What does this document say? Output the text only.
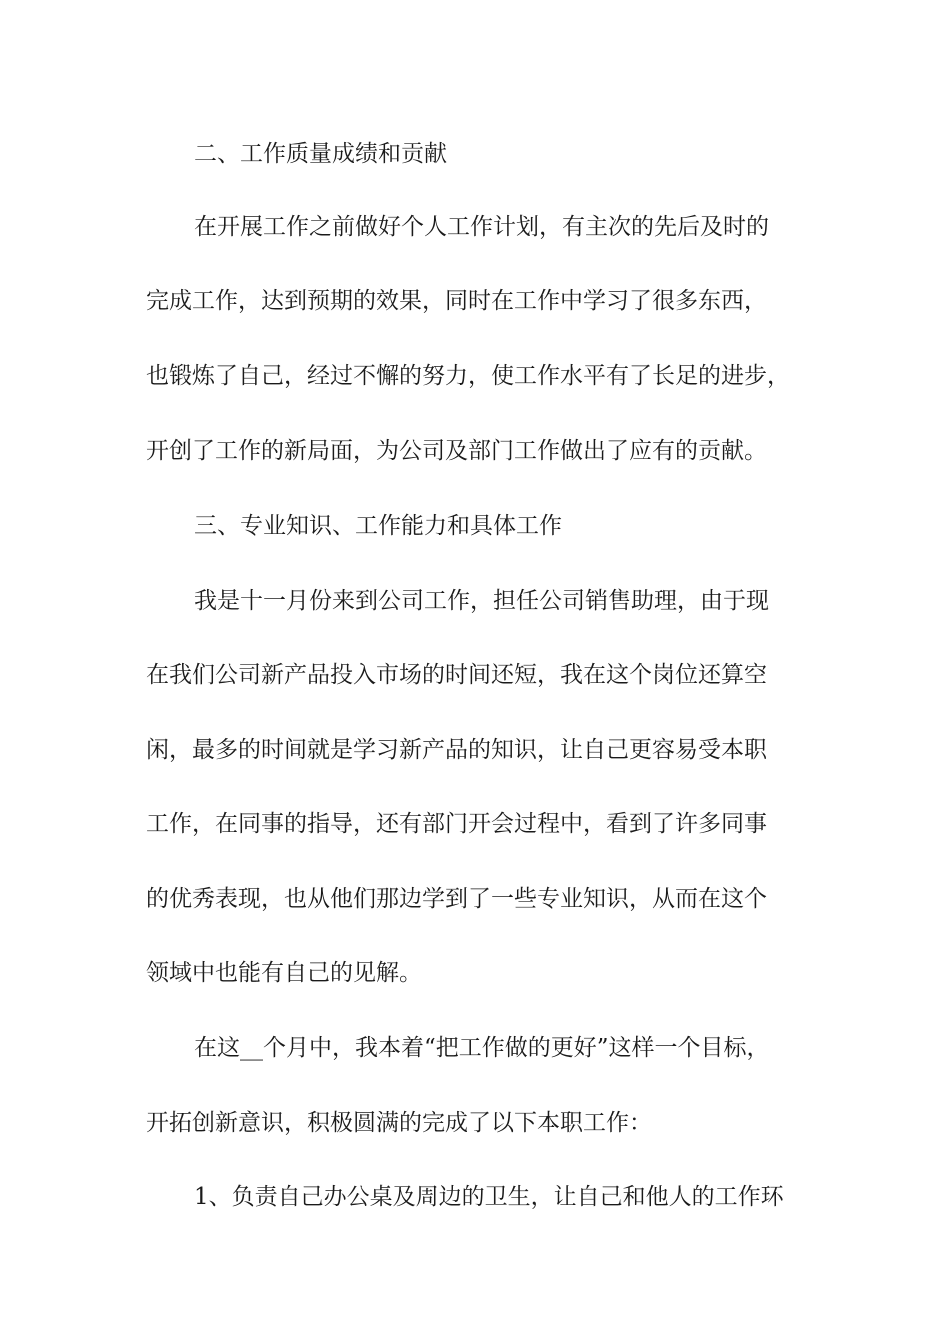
二、工作质量成绩和贡献

在开展工作之前做好个人工作计划，有主次的先后及时的

完成工作，达到预期的效果，同时在工作中学习了很多东西，

也锻炼了自己，经过不懈的努力，使工作水平有了长足的进步，

开创了工作的新局面，为公司及部门工作做出了应有的贡献。

三、专业知识、工作能力和具体工作

我是十一月份来到公司工作，担任公司销售助理，由于现

在我们公司新产品投入市场的时间还短，我在这个岗位还算空

闲，最多的时间就是学习新产品的知识，让自己更容易受本职

工作，在同事的指导，还有部门开会过程中，看到了许多同事

的优秀表现，也从他们那边学到了一些专业知识，从而在这个

领域中也能有自己的见解。

在这__个月中，我本着“把工作做的更好”这样一个目标，

开拓创新意识，积极圆满的完成了以下本职工作：

1、负责自己办公桌及周边的卫生，让自己和他人的工作环
